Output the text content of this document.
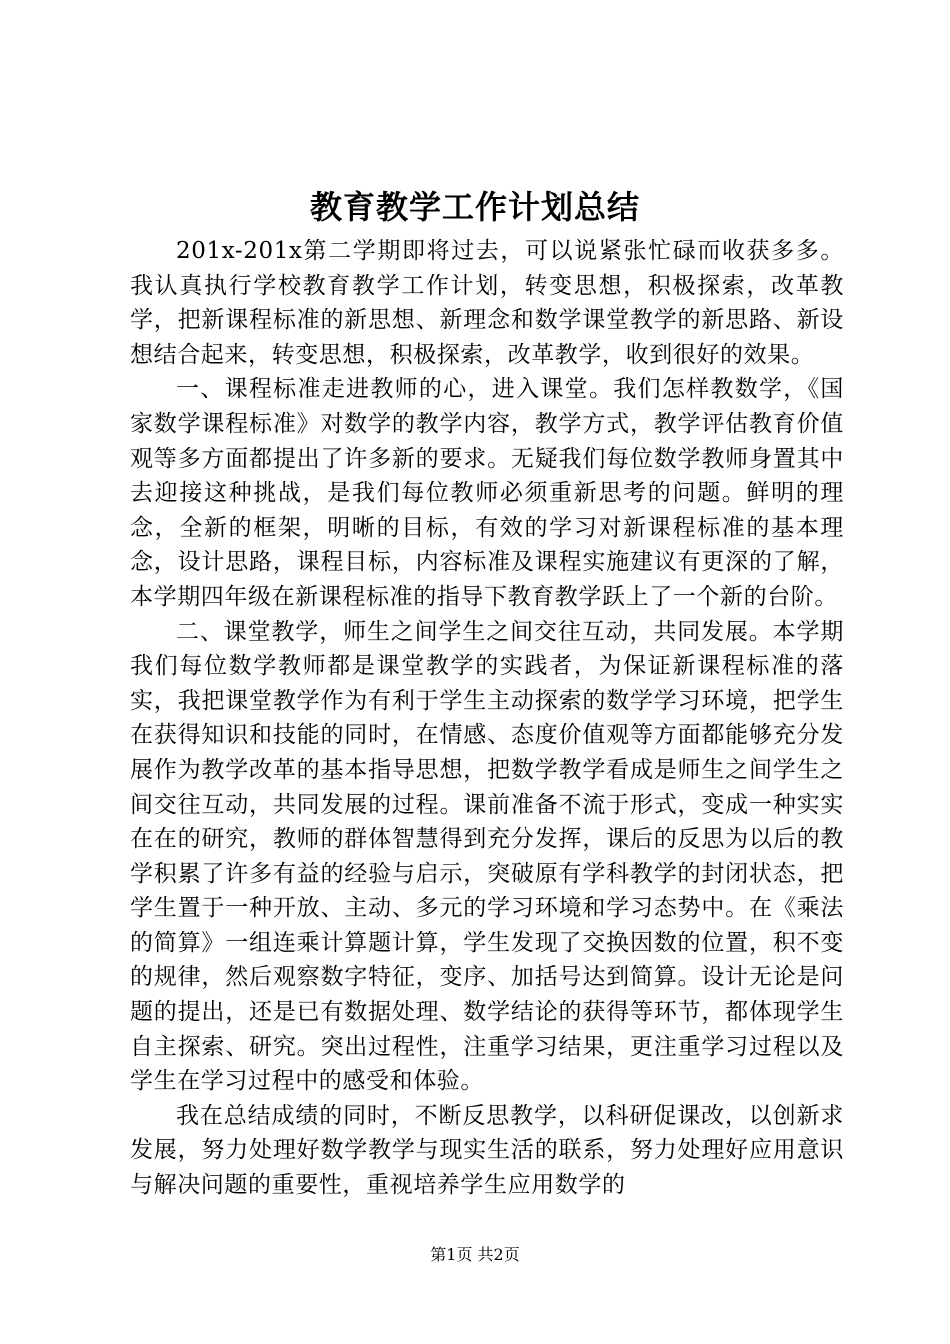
教育教学工作计划总结

201x-201x第二学期即将过去，可以说紧张忙碌而收获多多。我认真执行学校教育教学工作计划，转变思想，积极探索，改革教学，把新课程标准的新思想、新理念和数学课堂教学的新思路、新设想结合起来，转变思想，积极探索，改革教学，收到很好的效果。

一、课程标准走进教师的心，进入课堂。我们怎样教数学，《国家数学课程标准》对数学的教学内容，教学方式，教学评估教育价值观等多方面都提出了许多新的要求。无疑我们每位数学教师身置其中去迎接这种挑战，是我们每位教师必须重新思考的问题。鲜明的理念，全新的框架，明晰的目标，有效的学习对新课程标准的基本理念，设计思路，课程目标，内容标准及课程实施建议有更深的了解，本学期四年级在新课程标准的指导下教育教学跃上了一个新的台阶。

二、课堂教学，师生之间学生之间交往互动，共同发展。本学期我们每位数学教师都是课堂教学的实践者，为保证新课程标准的落实，我把课堂教学作为有利于学生主动探索的数学学习环境，把学生在获得知识和技能的同时，在情感、态度价值观等方面都能够充分发展作为教学改革的基本指导思想，把数学教学看成是师生之间学生之间交往互动，共同发展的过程。课前准备不流于形式，变成一种实实在在的研究，教师的群体智慧得到充分发挥，课后的反思为以后的教学积累了许多有益的经验与启示，突破原有学科教学的封闭状态，把学生置于一种开放、主动、多元的学习环境和学习态势中。在《乘法的简算》一组连乘计算题计算，学生发现了交换因数的位置，积不变的规律，然后观察数字特征，变序、加括号达到简算。设计无论是问题的提出，还是已有数据处理、数学结论的获得等环节，都体现学生自主探索、研究。突出过程性，注重学习结果，更注重学习过程以及学生在学习过程中的感受和体验。

我在总结成绩的同时，不断反思教学，以科研促课改，以创新求发展，努力处理好数学教学与现实生活的联系，努力处理好应用意识与解决问题的重要性，重视培养学生应用数学的

第1页 共2页
